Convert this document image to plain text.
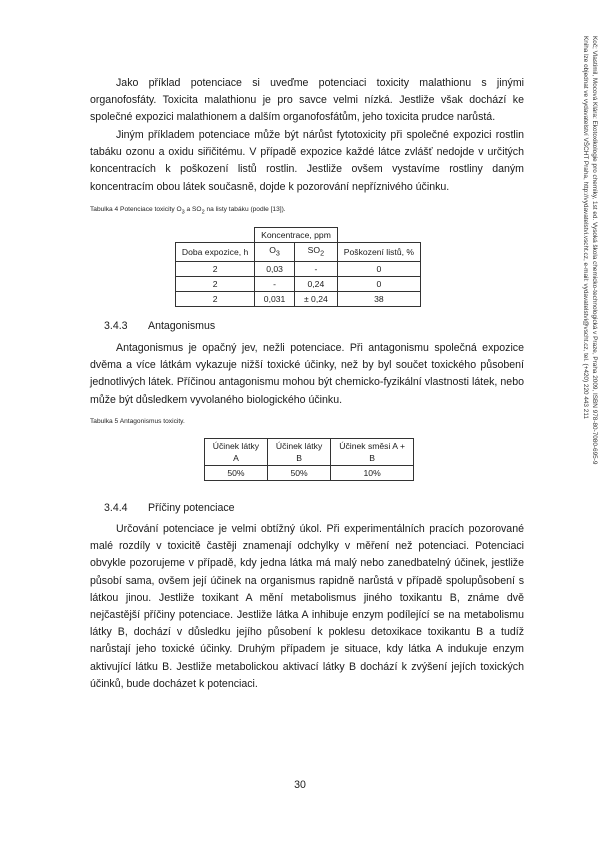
Jako příklad potenciace si uveďme potenciaci toxicity malathionu s jinými organofosfáty. Toxicita malathionu je pro savce velmi nízká. Jestliže však dochází ke společné expozici malathionem a dalším organofosfátům, jeho toxicita prudce narůstá.

Jiným příkladem potenciace může být nárůst fytotoxicity při společné expozici rostlin tabáku ozonu a oxidu siřičitému. V případě expozice každé látce zvlášť nedojde v určitých koncentracích k poškození listů rostlin. Jestliže ovšem vystavíme rostliny daným koncentracím obou látek současně, dojde k pozorování nepříznivého účinku.

Tabulka 4 Potenciace toxicity $O_3$ a $SO_2$ na listy tabáku (podle [13]).

	Koncentrace, ppm		
Doba expozice, h	$O_3$	$SO_2$	Poškození listů, %
2	0,03	-	0
2	-	0,24	0
2	0,031	± 0,24	38

3.4.3 Antagonismus

Antagonismus je opačný jev, nežli potenciace. Při antagonismu společná expozice dvěma a více látkám vykazuje nižší toxické účinky, než by byl součet toxického působení jednotlivých látek. Příčinou antagonismu mohou být chemicko-fyzikální vlastnosti látek, nebo může být důsledkem vyvolaného biologického účinku.

Tabulka 5 Antagonismus toxicity.

Účinek látky A	Účinek látky B	Účinek směsi A + B
50%	50%	10%

3.4.4 Příčiny potenciace

Určování potenciace je velmi obtížný úkol. Při experimentálních pracích pozorované malé rozdíly v toxicitě častěji znamenají odchylky v měření než potenciaci. Potenciaci obvykle pozorujeme v případě, kdy jedna látka má malý nebo zanedbatelný účinek, jestliže působí sama, ovšem její účinek na organismus rapidně narůstá v případě spolupůsobení s látkou jinou. Jestliže toxikant A mění metabolismus jiného toxikantu B, známe dvě nejčastější příčiny potenciace. Jestliže látka A inhibuje enzym podílející se na metabolismu látky B, dochází v důsledku jejího působení k poklesu detoxikace toxikantu B a tudíž narůstají jeho toxické účinky. Druhým případem je situace, kdy látka A indukuje enzym aktivující látku B. Jestliže metabolickou aktivací látky B dochází k zvýšení jejích toxických účinků, bude docházet k potenciaci.

30

Koč; Vlastimil, Mocová Klára: Ekotoxikologie pro chemiky, 1st ed. Vysoká škola chemicko-technologická v Praze, Praha 2009, ISBN 978-80-7080-695-9

Kniha lze objednat ve vydavatelství VŠCHT Praha, http://vydavatelstvi.vscht.cz, e-mail: vydavatelstvi@vscht.cz, tel. (+420) 220 443 211
